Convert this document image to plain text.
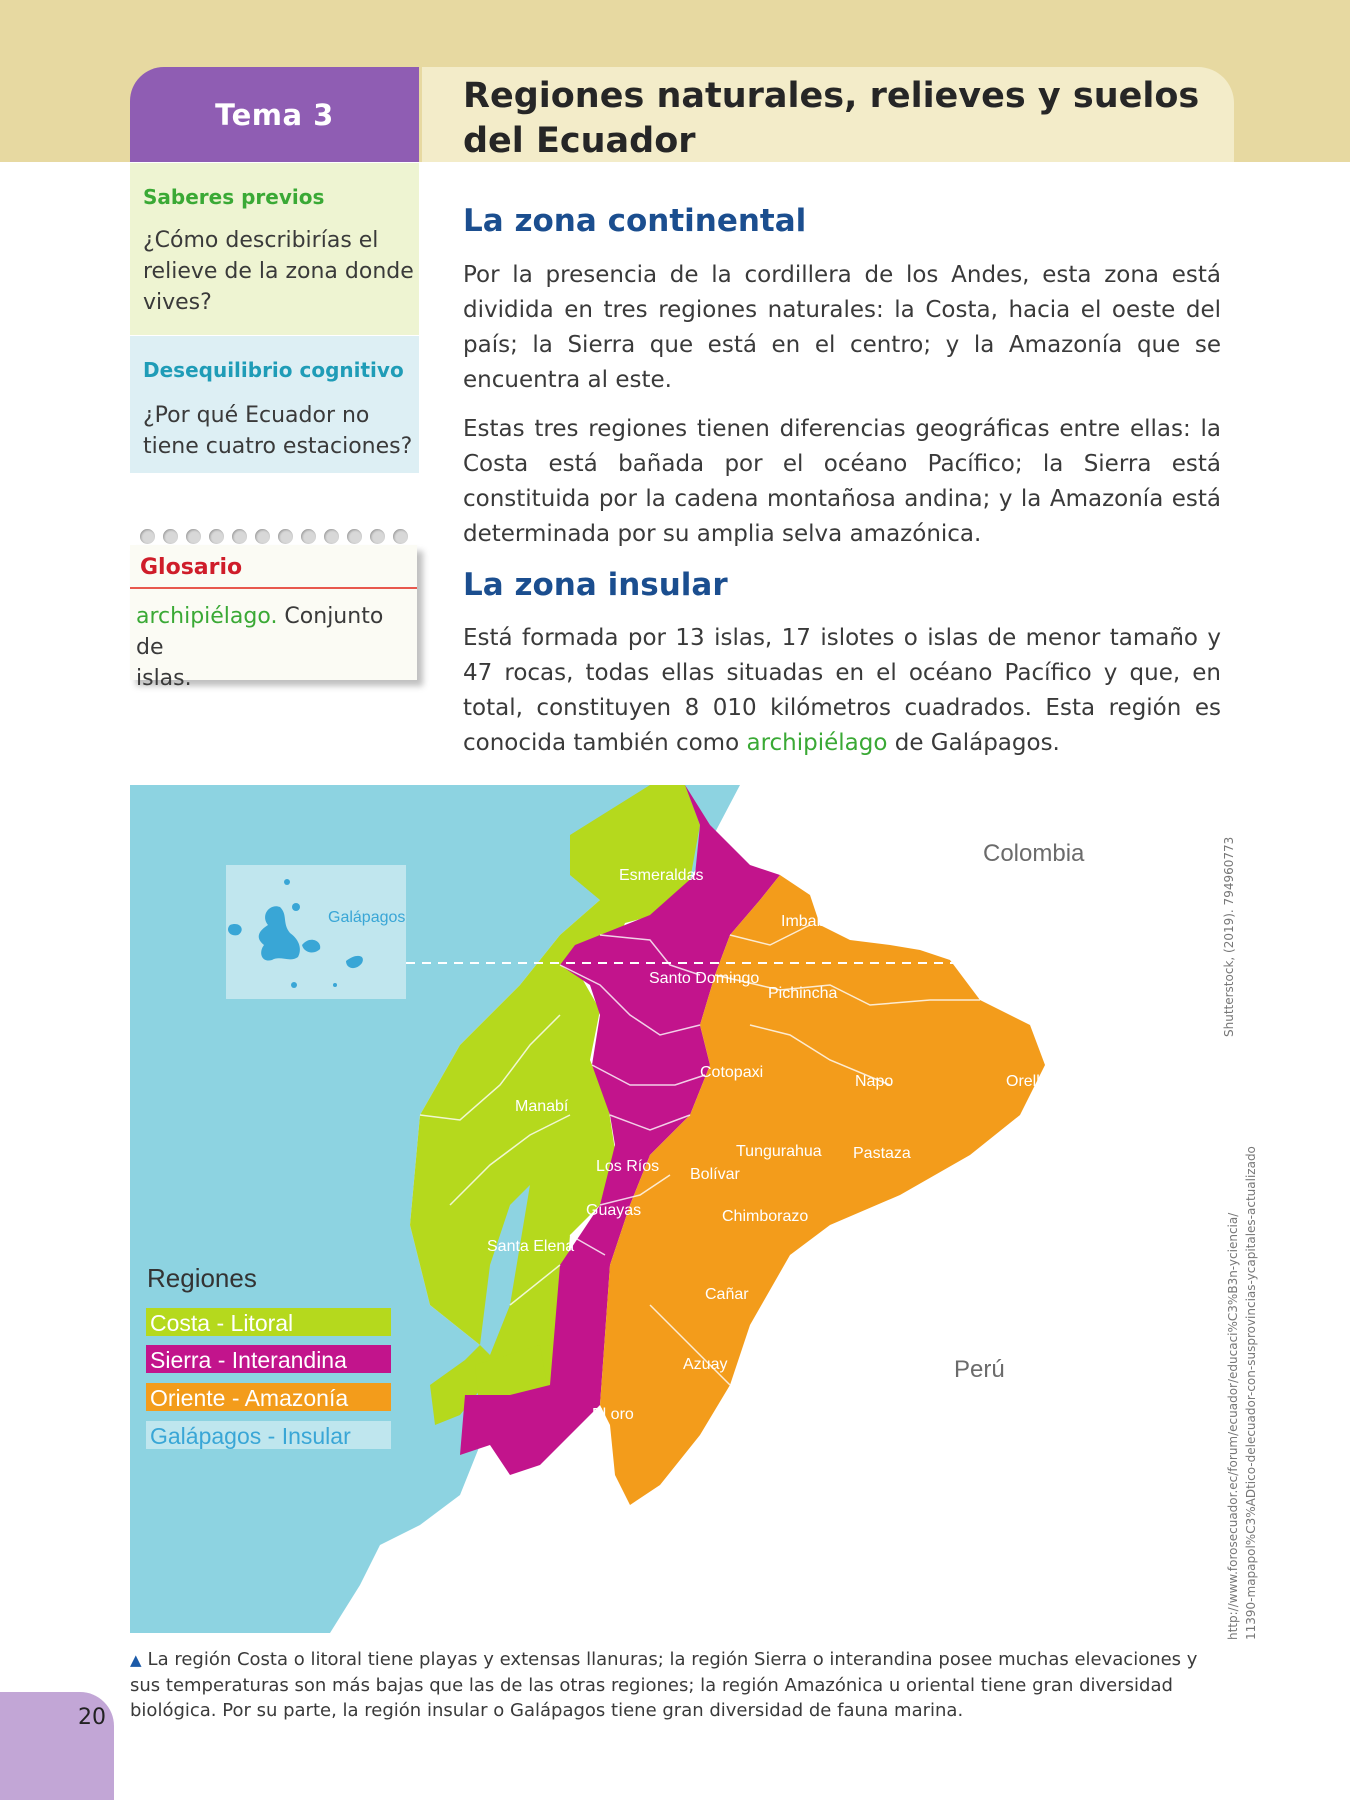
Tema 3	Regiones naturales, relieves y suelos
del Ecuador
Saberes previos
¿Cómo describirías el
relieve de la zona donde
vives?
Desequilibrio cognitivo
¿Por qué Ecuador no
tiene cuatro estaciones?
Glosario
archipiélago. Conjunto de
islas.
La zona continental

Por la presencia de la cordillera de los Andes, esta zona está dividida en tres regiones naturales: la Costa, hacia el oeste del país; la Sierra que está en el centro; y la Amazonía que se encuentra al este.

Estas tres regiones tienen diferencias geográficas entre ellas: la Costa está bañada por el océano Pacífico; la Sierra está constituida por la cadena montañosa andina; y la Amazonía está determinada por su amplia selva amazónica.

La zona insular

Está formada por 13 islas, 17 islotes o islas de menor tamaño y 47 rocas, todas ellas situadas en el océano Pacífico y que, en total, constituyen 8 010 kilómetros cuadrados. Esta región es conocida también como archipiélago de Galápagos.

Colombia
Perú
Galápagos
Esmeraldas
Carchi
Imbabura
Sucumbíos
Santo Domingo
Pichincha
Napo	Orellana
Cotopaxi
Manabí
Tungurahua Pastaza
Los Ríos Bolívar
Guayas	Chimborazo
Santa Elena
Cañar	Morona Santiago
Azuay
El oro
Zamora Chinchipe
Loja
Regiones
Costa - Litoral
Sierra - Interandina
Oriente - Amazonía
Galápagos - Insular
Shutterstock, (2019). 794960773
http://www.forosecuador.ec/forum/ecuador/educaci%C3%B3n-yciencia/ 11390-mapapol%C3%ADtico-delecuador-con-susprovincias-ycapitales-actualizado
▲ La región Costa o litoral tiene playas y extensas llanuras; la región Sierra o interandina posee muchas elevaciones y sus temperaturas son más bajas que las de las otras regiones; la región Amazónica u oriental tiene gran diversidad biológica. Por su parte, la región insular o Galápagos tiene gran diversidad de fauna marina.
20
